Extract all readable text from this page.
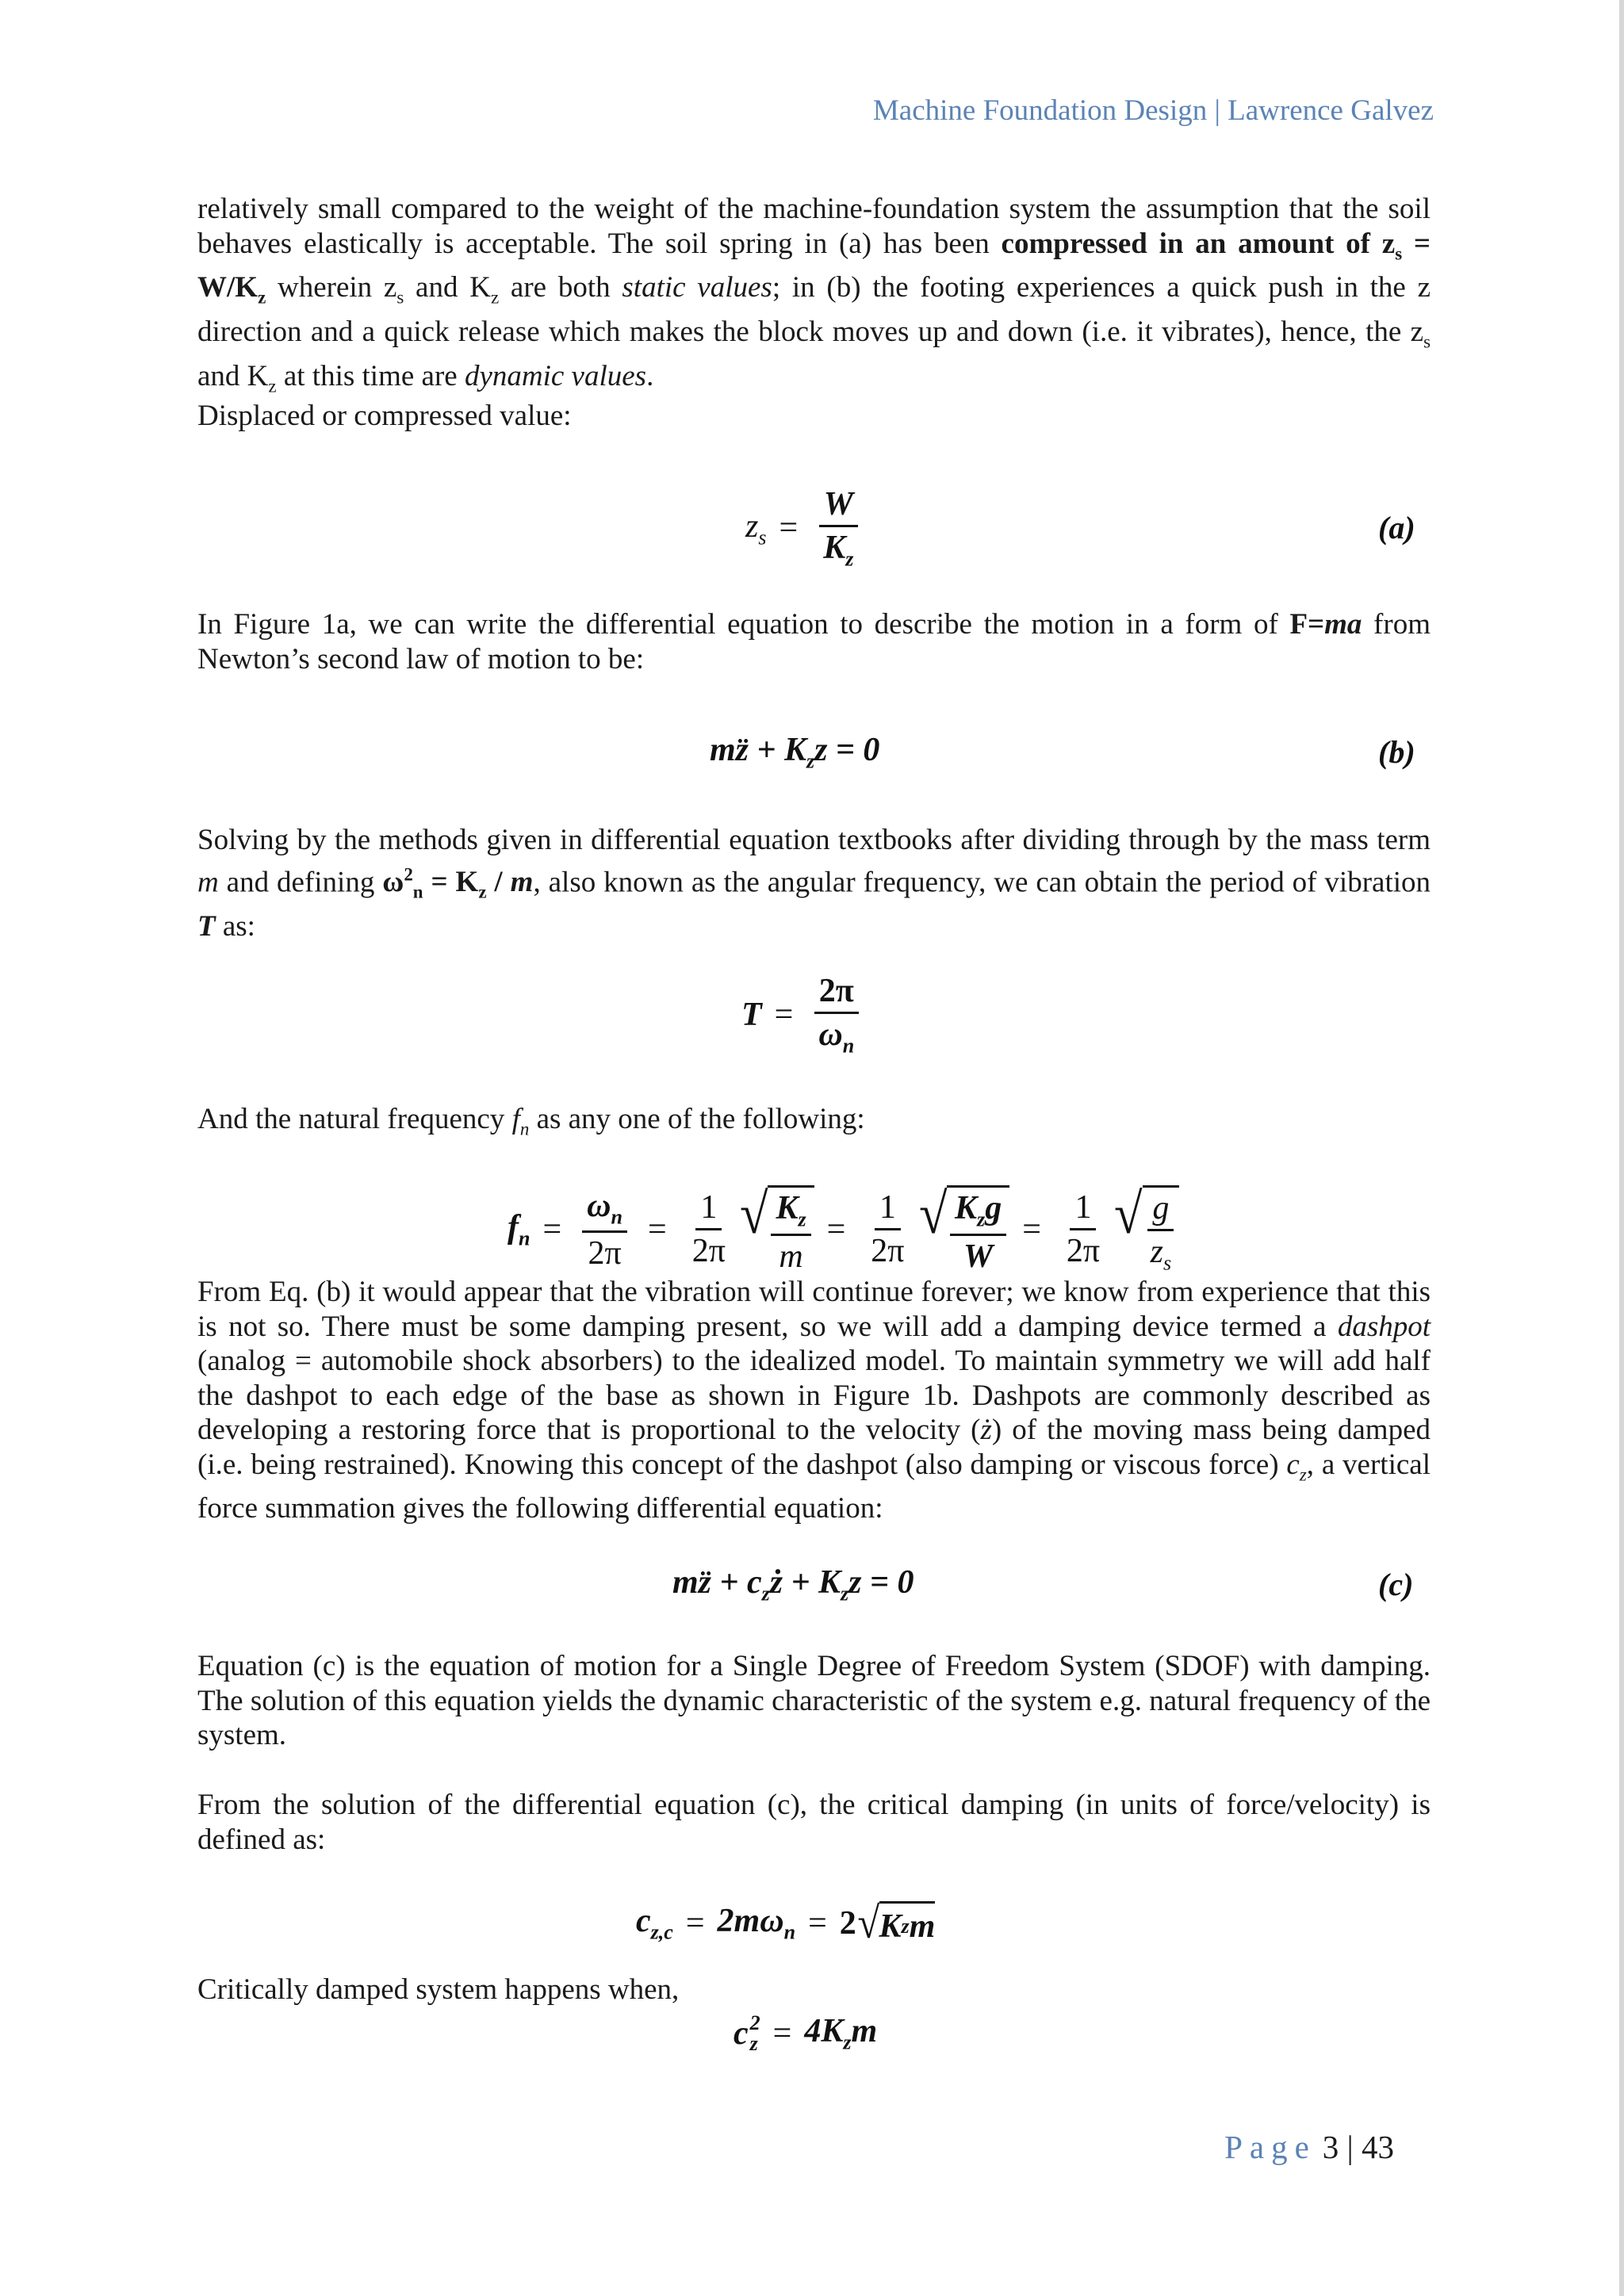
Machine Foundation Design | Lawrence Galvez

relatively small compared to the weight of the machine-foundation system the assumption that the soil behaves elastically is acceptable. The soil spring in (a) has been compressed in an amount of $z_s = W/K_z$ wherein $z_s$ and $K_z$ are both static values; in (b) the footing experiences a quick push in the z direction and a quick release which makes the block moves up and down (i.e. it vibrates), hence, the $z_s$ and $K_z$ at this time are dynamic values.

Displaced or compressed value:

$z_s = \frac{W}{K_z}$	(a)

In Figure 1a, we can write the differential equation to describe the motion in a form of F=ma from Newton’s second law of motion to be:

mz̈ + $K_zz = 0$	(b)

Solving by the methods given in differential equation textbooks after dividing through by the mass term m and defining $\omega^2_n = K_z / m$, also known as the angular frequency, we can obtain the period of vibration T as:

$T = \frac{2\pi}{\omega_n}$

And the natural frequency $f_n$ as any one of the following:

$f_n = \frac{\omega_n}{2\pi} = \frac{1}{2\pi}$ √ $\frac{K_z}{m} = \frac{1}{2\pi}$ √ $\frac{K_zg}{W} = \frac{1}{2\pi}$ √ $\frac{g}{z_s}$

From Eq. (b) it would appear that the vibration will continue forever; we know from experience that this is not so. There must be some damping present, so we will add a damping device termed a dashpot (analog = automobile shock absorbers) to the idealized model. To maintain symmetry we will add half the dashpot to each edge of the base as shown in Figure 1b. Dashpots are commonly described as developing a restoring force that is proportional to the velocity (ż) of the moving mass being damped (i.e. being restrained). Knowing this concept of the dashpot (also damping or viscous force) $c_z$, a vertical force summation gives the following differential equation:

mz̈ + $c_zż + K_zz = 0$	(c)

Equation (c) is the equation of motion for a Single Degree of Freedom System (SDOF) with damping. The solution of this equation yields the dynamic characteristic of the system e.g. natural frequency of the system.

From the solution of the differential equation (c), the critical damping (in units of force/velocity) is defined as:

$c_{z,c} = 2m\omega_n = 2$ √ K z m

Critically damped system happens when,

c 2
$z = 4K_zm$
Page 3 | 43
